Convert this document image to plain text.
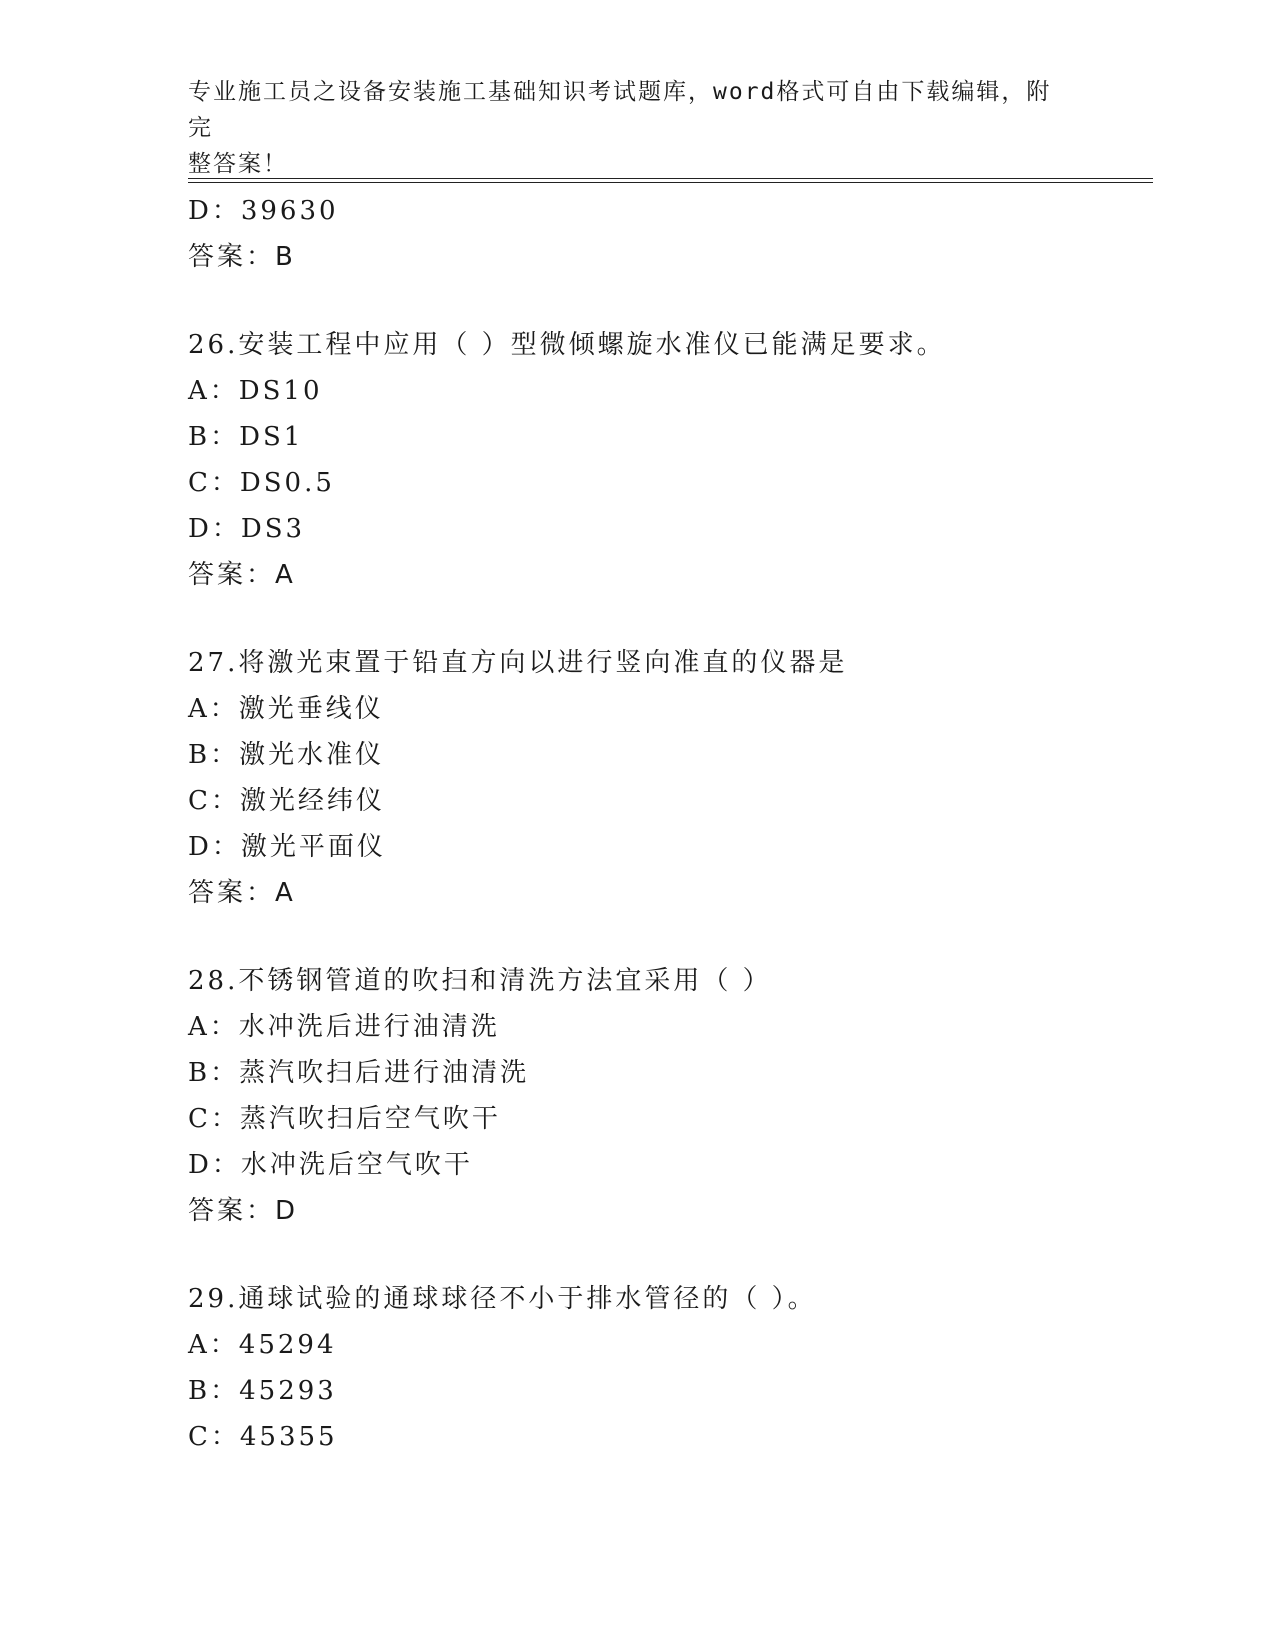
专业施工员之设备安装施工基础知识考试题库，word格式可自由下载编辑，附完
整答案！
D：39630
答案：B
26.安装工程中应用（ ）型微倾螺旋水准仪已能满足要求。
A：DS10
B：DS1
C：DS0.5
D：DS3
答案：A
27.将激光束置于铅直方向以进行竖向准直的仪器是
A：激光垂线仪
B：激光水准仪
C：激光经纬仪
D：激光平面仪
答案：A
28.不锈钢管道的吹扫和清洗方法宜采用（ ）
A：水冲洗后进行油清洗
B：蒸汽吹扫后进行油清洗
C：蒸汽吹扫后空气吹干
D：水冲洗后空气吹干
答案：D
29.通球试验的通球球径不小于排水管径的（ ）。
A：45294
B：45293
C：45355
